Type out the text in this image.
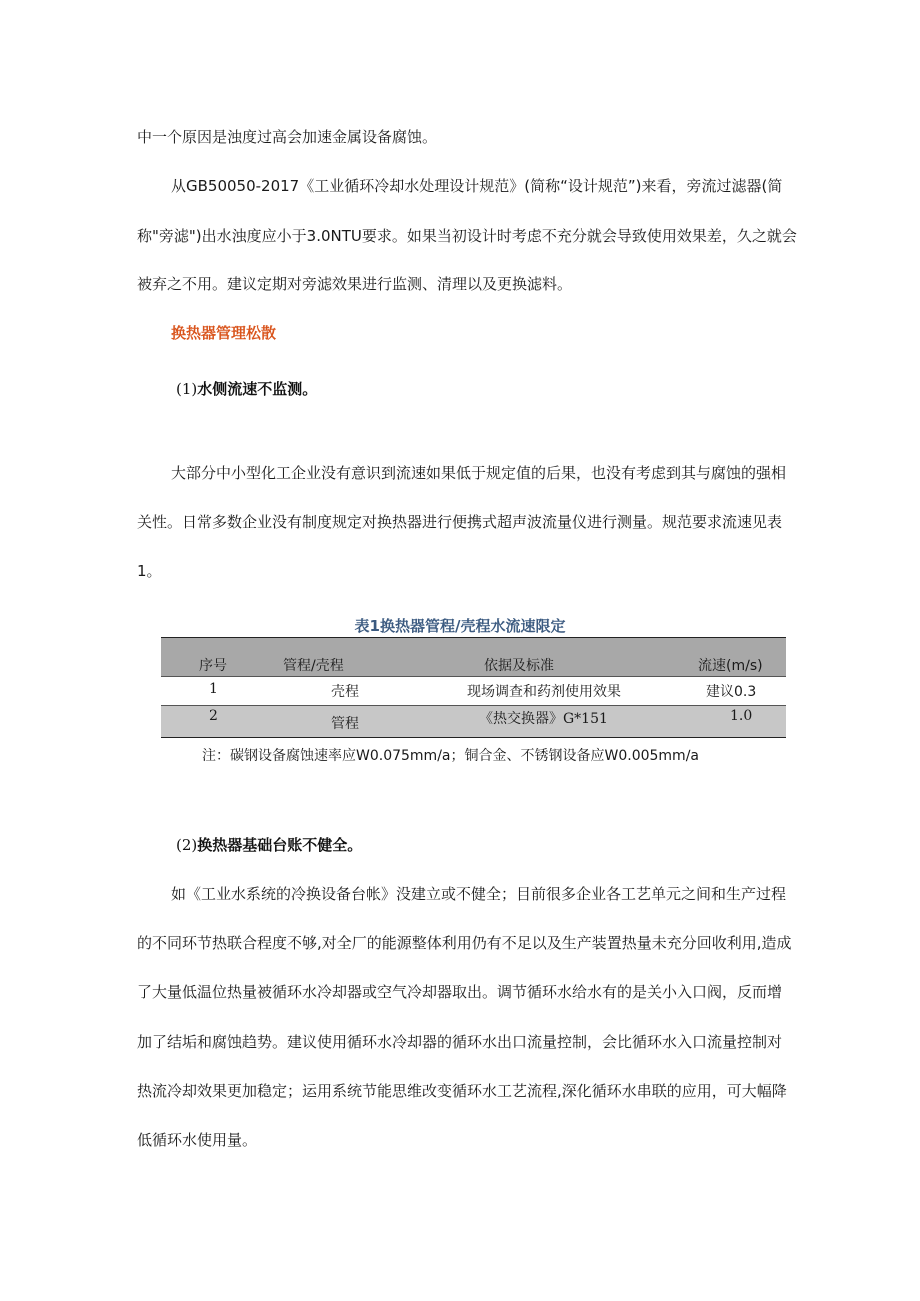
中一个原因是浊度过高会加速金属设备腐蚀。
从GB50050-2017《工业循环冷却水处理设计规范》(简称“设计规范”)来看，旁流过滤器(简
称"旁滤")出水浊度应小于3.0NTU要求。如果当初设计时考虑不充分就会导致使用效果差，久之就会
被弃之不用。建议定期对旁滤效果进行监测、清理以及更换滤料。
换热器管理松散
(1)水侧流速不监测。
大部分中小型化工企业没有意识到流速如果低于规定值的后果，也没有考虑到其与腐蚀的强相
关性。日常多数企业没有制度规定对换热器进行便携式超声波流量仪进行测量。规范要求流速见表
1。
表1换热器管程/壳程水流速限定
序号	管程/壳程	依据及标准	流速(m∕s)
1	壳程	现场调查和药剂使用效果	建议0.3
2	管程	《热交换器》G*151	1.0
注：碳钢设备腐蚀速率应W0.075mm/a；铜合金、不锈钢设备应W0.005mm∕a
(2)换热器基础台账不健全。
如《工业水系统的冷换设备台帐》没建立或不健全；目前很多企业各工艺单元之间和生产过程
的不同环节热联合程度不够,对全厂的能源整体利用仍有不足以及生产装置热量未充分回收利用,造成
了大量低温位热量被循环水冷却器或空气冷却器取出。调节循环水给水有的是关小入口阀，反而增
加了结垢和腐蚀趋势。建议使用循环水冷却器的循环水出口流量控制，会比循环水入口流量控制对
热流冷却效果更加稳定；运用系统节能思维改变循环水工艺流程,深化循环水串联的应用，可大幅降
低循环水使用量。
